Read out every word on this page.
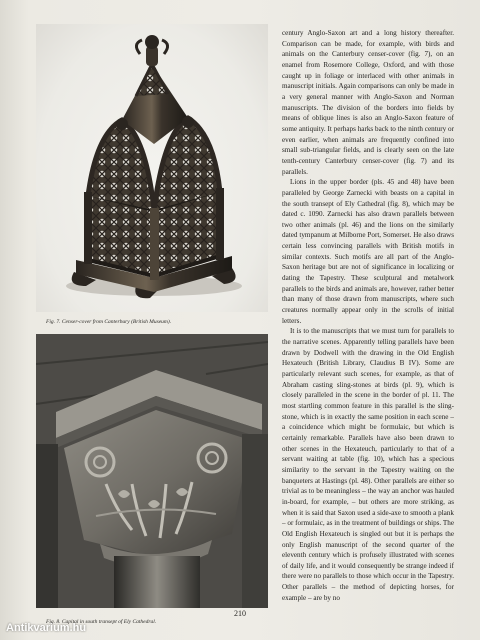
Fig. 7. Censer-cover from Canterbury (British Museum).
Fig. 8. Capital in south transept of Ely Cathedral.

century Anglo-Saxon art and a long history thereafter. Comparison can be made, for example, with birds and animals on the Canterbury censer-cover (fig. 7), on an enamel from Rosemore College, Oxford, and with those caught up in foliage or interlaced with other animals in manuscript initials. Again comparisons can only be made in a very general manner with Anglo-Saxon and Norman manuscripts. The division of the borders into fields by means of oblique lines is also an Anglo-Saxon feature of some antiquity. It perhaps harks back to the ninth century or even earlier, when animals are frequently confined into small sub-triangular fields, and is clearly seen on the late tenth-century Canterbury censer-cover (fig. 7) and its parallels.

Lions in the upper border (pls. 45 and 48) have been paralleled by George Zarnecki with beasts on a capital in the south transept of Ely Cathedral (fig. 8), which may be dated c. 1090. Zarnecki has also drawn parallels between two other animals (pl. 46) and the lions on the similarly dated tympanum at Milborne Port, Somerset. He also draws certain less convincing parallels with British motifs in similar contexts. Such motifs are all part of the Anglo-Saxon heritage but are not of significance in localizing or dating the Tapestry. These sculptural and metalwork parallels to the birds and animals are, however, rather better than many of those drawn from manuscripts, where such creatures normally appear only in the scrolls of initial letters.

It is to the manuscripts that we must turn for parallels to the narrative scenes. Apparently telling parallels have been drawn by Dodwell with the drawing in the Old English Hexateuch (British Library, Claudius B IV). Some are particularly relevant such scenes, for example, as that of Abraham casting sling-stones at birds (pl. 9), which is closely paralleled in the scene in the border of pl. 11. The most startling common feature in this parallel is the sling-stone, which is in exactly the same position in each scene – a coincidence which might be formulaic, but which is certainly remarkable. Parallels have also been drawn to other scenes in the Hexateuch, particularly to that of a servant waiting at table (fig. 10), which has a specious similarity to the servant in the Tapestry waiting on the banqueters at Hastings (pl. 48). Other parallels are either so trivial as to be meaningless – the way an anchor was hauled in-board, for example, – but others are more striking, as when it is said that Saxon used a side-axe to smooth a plank – or formulaic, as in the treatment of buildings or ships. The Old English Hexateuch is singled out but it is perhaps the only English manuscript of the second quarter of the eleventh century which is profusely illustrated with scenes of daily life, and it would consequently be strange indeed if there were no parallels to those which occur in the Tapestry. Other parallels – the method of depicting horses, for example – are by no

210
Antikvarium.hu
